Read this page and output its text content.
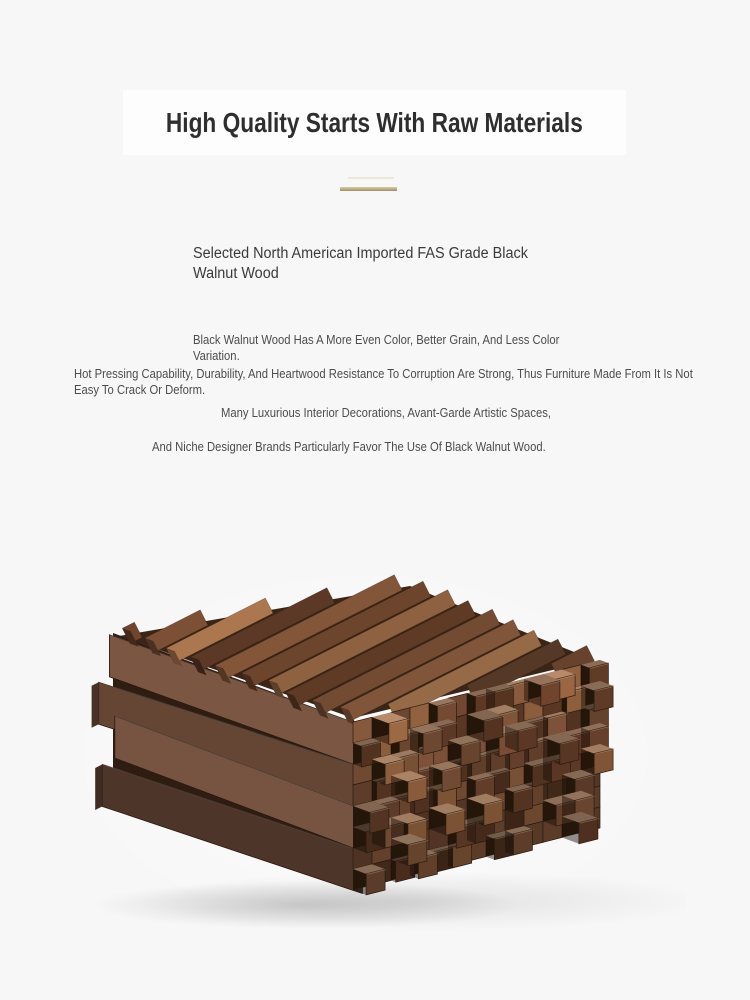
High Quality Starts With Raw Materials
Selected North American Imported FAS Grade Black Walnut Wood

Black Walnut Wood Has A More Even Color, Better Grain, And Less Color Variation.

Hot Pressing Capability, Durability, And Heartwood Resistance To Corruption Are Strong, Thus Furniture Made From It Is Not Easy To Crack Or Deform.

Many Luxurious Interior Decorations, Avant-Garde Artistic Spaces,

And Niche Designer Brands Particularly Favor The Use Of Black Walnut Wood.
